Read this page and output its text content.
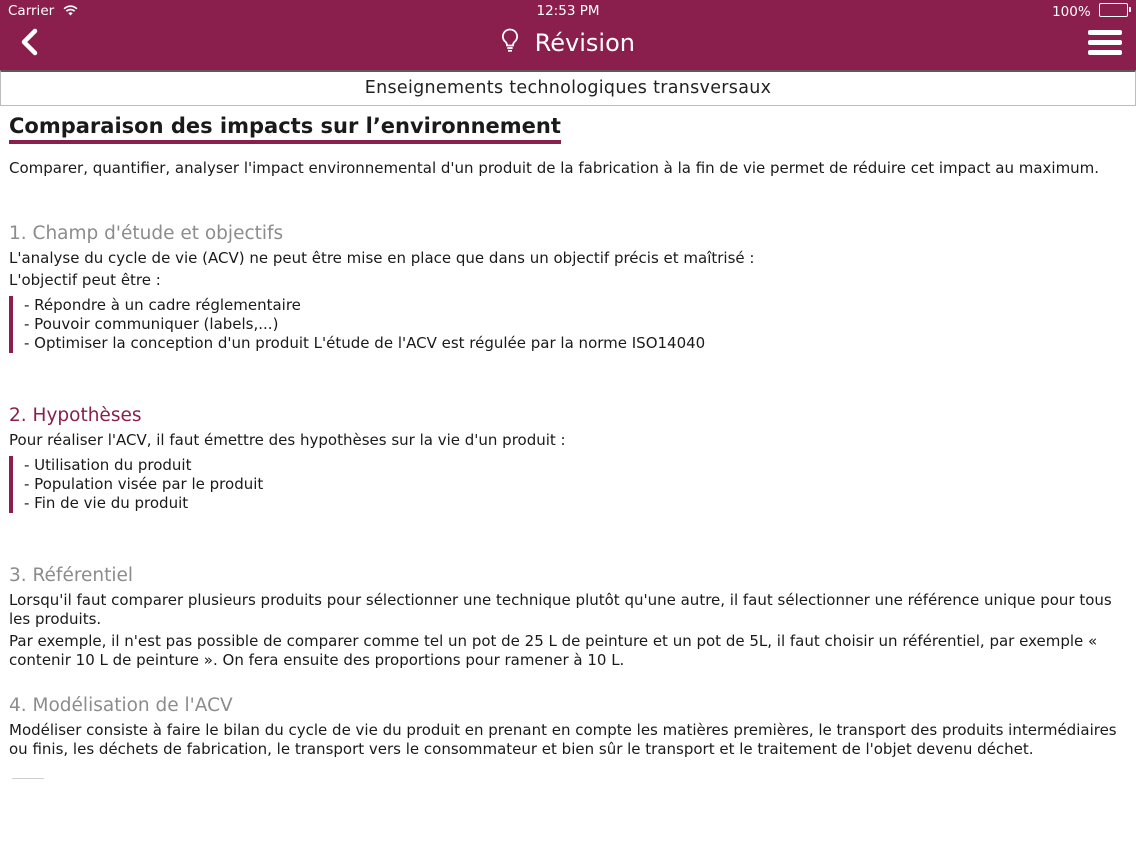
Carrier	12:53 PM	100%
Révision
Enseignements technologiques transversaux
Comparaison des impacts sur l’environnement

Comparer, quantifier, analyser l'impact environnemental d'un produit de la fabrication à la fin de vie permet de réduire cet impact au maximum.

1. Champ d'étude et objectifs

L'analyse du cycle de vie (ACV) ne peut être mise en place que dans un objectif précis et maîtrisé :

L'objectif peut être :

- Répondre à un cadre réglementaire

- Pouvoir communiquer (labels,...)

- Optimiser la conception d'un produit L'étude de l'ACV est régulée par la norme ISO14040

2. Hypothèses

Pour réaliser l'ACV, il faut émettre des hypothèses sur la vie d'un produit :

- Utilisation du produit

- Population visée par le produit

- Fin de vie du produit

3. Référentiel

Lorsqu'il faut comparer plusieurs produits pour sélectionner une technique plutôt qu'une autre, il faut sélectionner une référence unique pour tous les produits.

Par exemple, il n'est pas possible de comparer comme tel un pot de 25 L de peinture et un pot de 5L, il faut choisir un référentiel, par exemple « contenir 10 L de peinture ». On fera ensuite des proportions pour ramener à 10 L.

4. Modélisation de l'ACV

Modéliser consiste à faire le bilan du cycle de vie du produit en prenant en compte les matières premières, le transport des produits intermédiaires ou finis, les déchets de fabrication, le transport vers le consommateur et bien sûr le transport et le traitement de l'objet devenu déchet.
